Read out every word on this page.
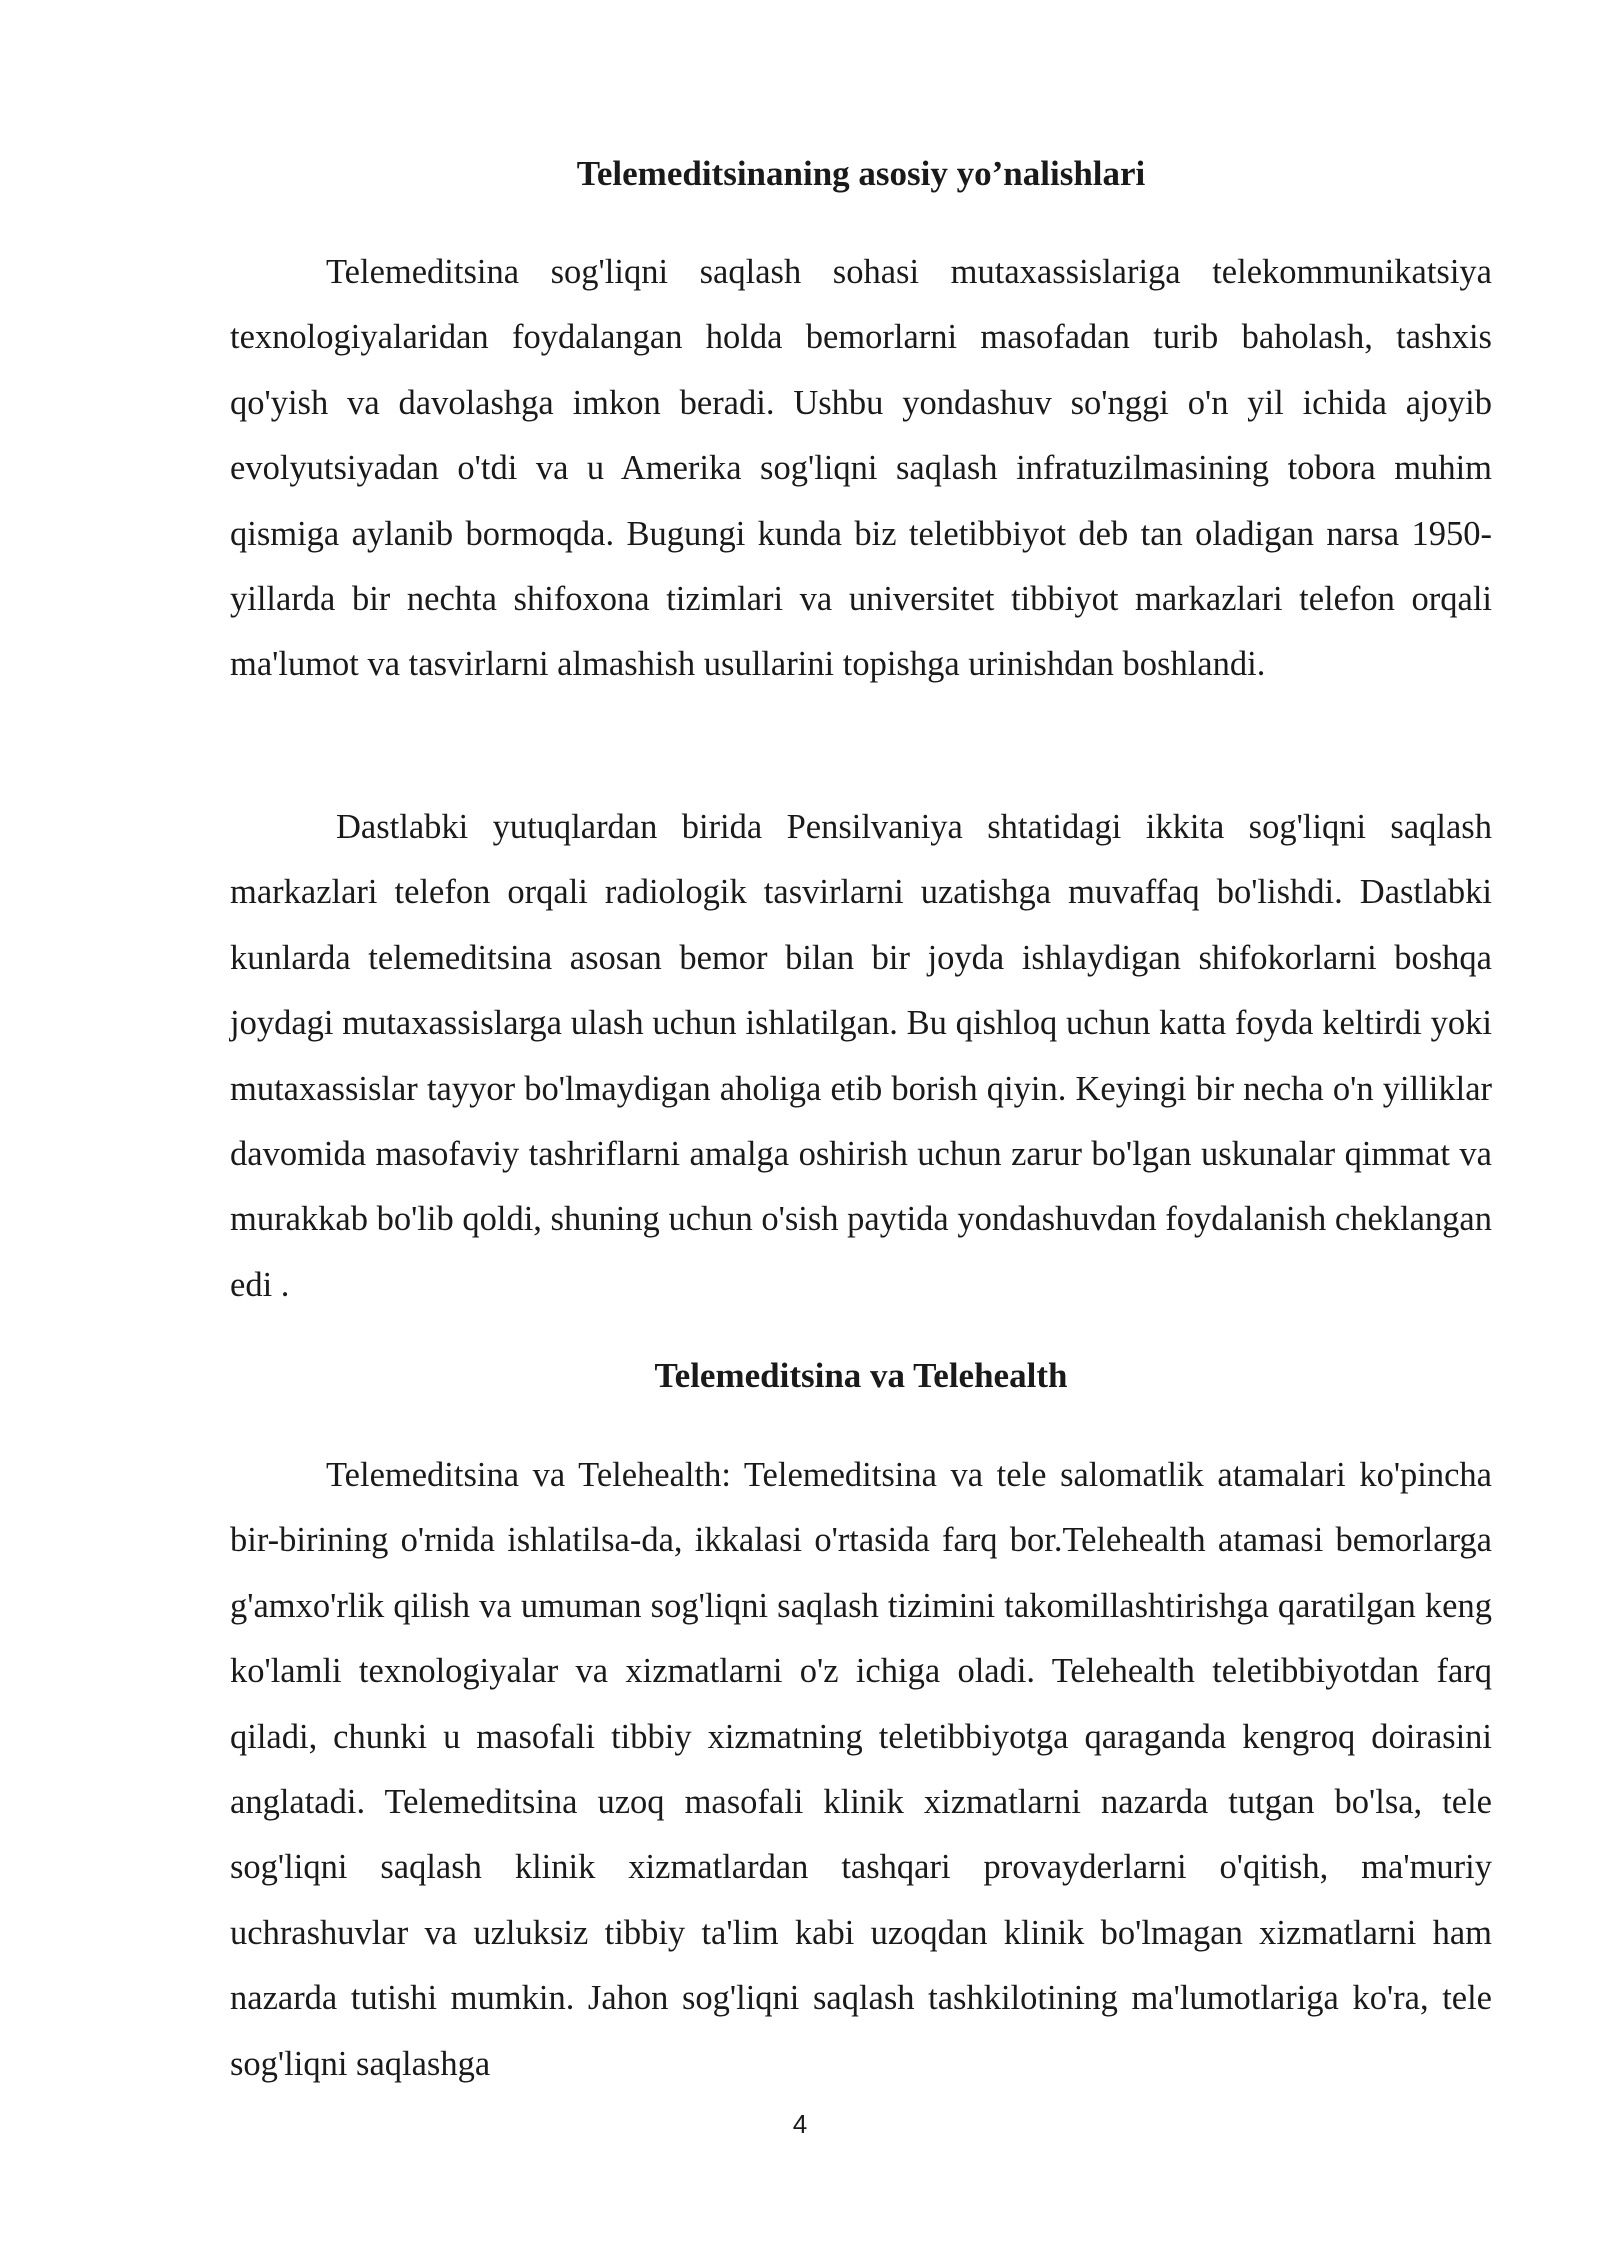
Telemeditsinaning asosiy yo’nalishlari

Telemeditsina sog'liqni saqlash sohasi mutaxassislariga telekommunikatsiya texnologiyalaridan foydalangan holda bemorlarni masofadan turib baholash, tashxis qo'yish va davolashga imkon beradi. Ushbu yondashuv so'nggi o'n yil ichida ajoyib evolyutsiyadan o'tdi va u Amerika sog'liqni saqlash infratuzilmasining tobora muhim qismiga aylanib bormoqda. Bugungi kunda biz teletibbiyot deb tan oladigan narsa 1950-yillarda bir nechta shifoxona tizimlari va universitet tibbiyot markazlari telefon orqali ma'lumot va tasvirlarni almashish usullarini topishga urinishdan boshlandi.

Dastlabki yutuqlardan birida Pensilvaniya shtatidagi ikkita sog'liqni saqlash markazlari telefon orqali radiologik tasvirlarni uzatishga muvaffaq bo'lishdi. Dastlabki kunlarda telemeditsina asosan bemor bilan bir joyda ishlaydigan shifokorlarni boshqa joydagi mutaxassislarga ulash uchun ishlatilgan. Bu qishloq uchun katta foyda keltirdi yoki mutaxassislar tayyor bo'lmaydigan aholiga etib borish qiyin. Keyingi bir necha o'n yilliklar davomida masofaviy tashriflarni amalga oshirish uchun zarur bo'lgan uskunalar qimmat va murakkab bo'lib qoldi, shuning uchun o'sish paytida yondashuvdan foydalanish cheklangan edi .

Telemeditsina va Telehealth

Telemeditsina va Telehealth: Telemeditsina va tele salomatlik atamalari ko'pincha bir-birining o'rnida ishlatilsa-da, ikkalasi o'rtasida farq bor.Telehealth atamasi bemorlarga g'amxo'rlik qilish va umuman sog'liqni saqlash tizimini takomillashtirishga qaratilgan keng ko'lamli texnologiyalar va xizmatlarni o'z ichiga oladi. Telehealth teletibbiyotdan farq qiladi, chunki u masofali tibbiy xizmatning teletibbiyotga qaraganda kengroq doirasini anglatadi. Telemeditsina uzoq masofali klinik xizmatlarni nazarda tutgan bo'lsa, tele sog'liqni saqlash klinik xizmatlardan tashqari provayderlarni o'qitish, ma'muriy uchrashuvlar va uzluksiz tibbiy ta'lim kabi uzoqdan klinik bo'lmagan xizmatlarni ham nazarda tutishi mumkin. Jahon sog'liqni saqlash tashkilotining ma'lumotlariga ko'ra, tele sog'liqni saqlashga

4
